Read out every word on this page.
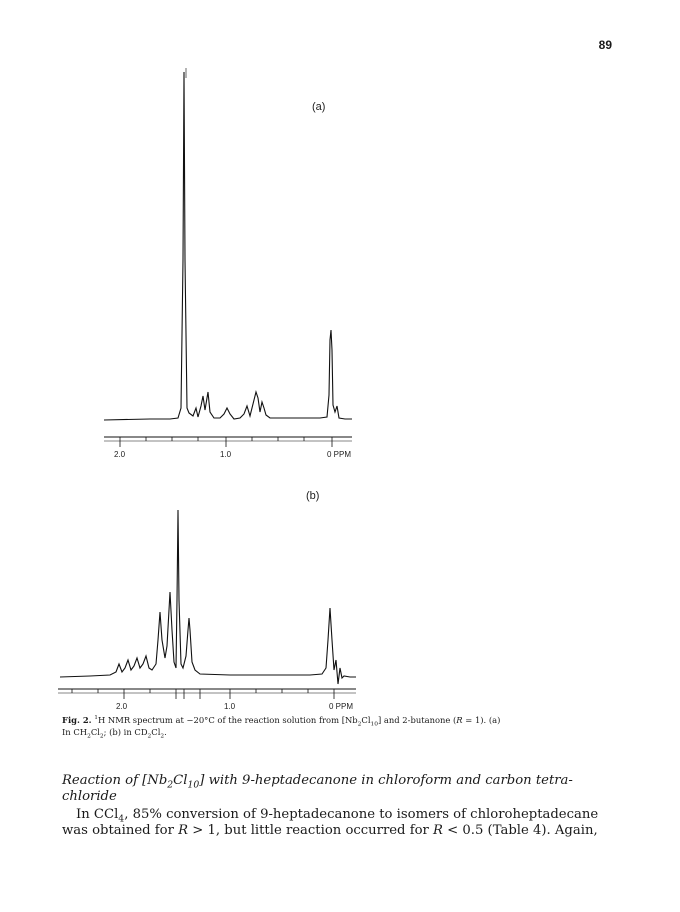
89
(a)
2.0	1.0	0 PPM
(b)
2.0	1.0	0 PPM
Fig. 2. $^1$H NMR spectrum at −20°C of the reaction solution from $[Nb_2Cl_{10}]$ and 2-butanone (R = 1). (a)
In $CH_2Cl_2$; (b) in $CD_2Cl_2$.
Reaction of $[Nb_2Cl_{10}]$ with 9-heptadecanone in chloroform and carbon tetra-
chloride
In CCl$_4$, 85% conversion of 9-heptadecanone to isomers of chloroheptadecane
was obtained for R > 1, but little reaction occurred for R < 0.5 (Table 4). Again,
